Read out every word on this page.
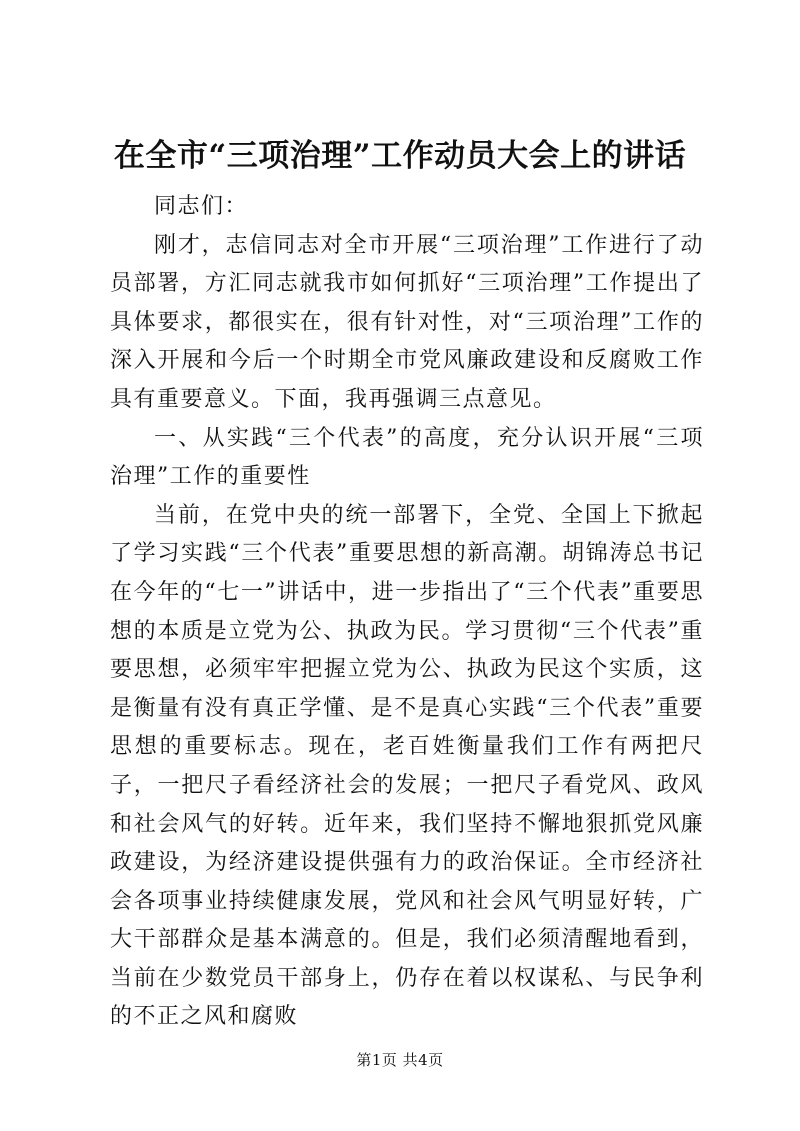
在全市“三项治理”工作动员大会上的讲话

同志们：

刚才，志信同志对全市开展“三项治理”工作进行了动员部署，方汇同志就我市如何抓好“三项治理”工作提出了具体要求，都很实在，很有针对性，对“三项治理”工作的深入开展和今后一个时期全市党风廉政建设和反腐败工作具有重要意义。下面，我再强调三点意见。

一、从实践“三个代表”的高度，充分认识开展“三项治理”工作的重要性

当前，在党中央的统一部署下，全党、全国上下掀起了学习实践“三个代表”重要思想的新高潮。胡锦涛总书记在今年的“七一”讲话中，进一步指出了“三个代表”重要思想的本质是立党为公、执政为民。学习贯彻“三个代表”重要思想，必须牢牢把握立党为公、执政为民这个实质，这是衡量有没有真正学懂、是不是真心实践“三个代表”重要思想的重要标志。现在，老百姓衡量我们工作有两把尺子，一把尺子看经济社会的发展；一把尺子看党风、政风和社会风气的好转。近年来，我们坚持不懈地狠抓党风廉政建设，为经济建设提供强有力的政治保证。全市经济社会各项事业持续健康发展，党风和社会风气明显好转，广大干部群众是基本满意的。但是，我们必须清醒地看到，当前在少数党员干部身上，仍存在着以权谋私、与民争利的不正之风和腐败

第1页 共4页
